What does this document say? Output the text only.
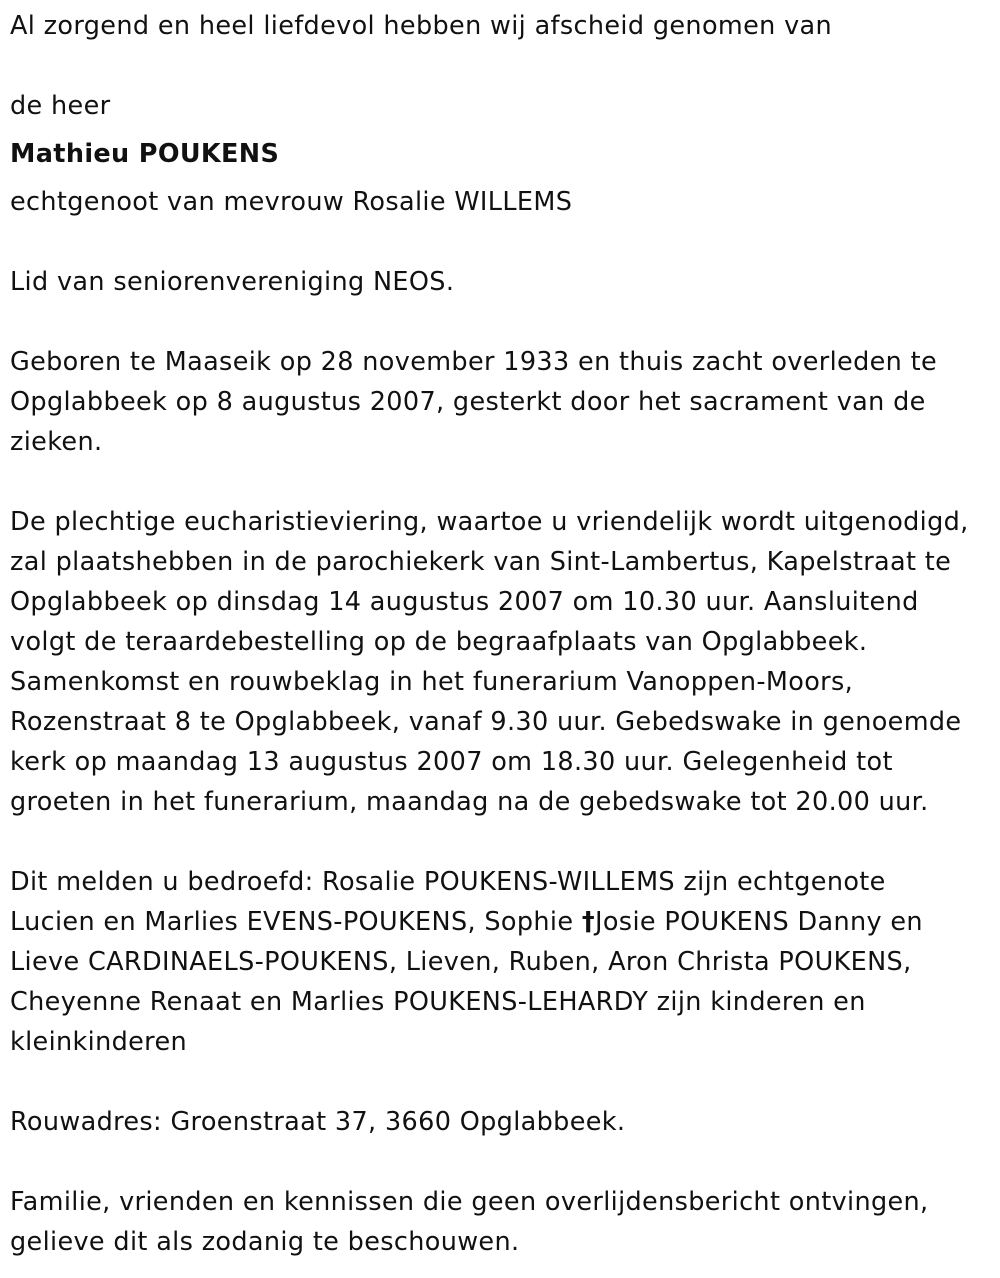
Al zorgend en heel liefdevol hebben wij afscheid genomen van

de heer

Mathieu POUKENS

echtgenoot van mevrouw Rosalie WILLEMS

Lid van seniorenvereniging NEOS.

Geboren te Maaseik op 28 november 1933 en thuis zacht overleden te

Opglabbeek op 8 augustus 2007, gesterkt door het sacrament van de

zieken.

De plechtige eucharistieviering, waartoe u vriendelijk wordt uitgenodigd,

zal plaatshebben in de parochiekerk van Sint-Lambertus, Kapelstraat te

Opglabbeek op dinsdag 14 augustus 2007 om 10.30 uur. Aansluitend

volgt de teraardebestelling op de begraafplaats van Opglabbeek.

Samenkomst en rouwbeklag in het funerarium Vanoppen-Moors,

Rozenstraat 8 te Opglabbeek, vanaf 9.30 uur. Gebedswake in genoemde

kerk op maandag 13 augustus 2007 om 18.30 uur. Gelegenheid tot

groeten in het funerarium, maandag na de gebedswake tot 20.00 uur.

Dit melden u bedroefd: Rosalie POUKENS-WILLEMS zijn echtgenote

Lucien en Marlies EVENS-POUKENS, Sophie †Josie POUKENS Danny en

Lieve CARDINAELS-POUKENS, Lieven, Ruben, Aron Christa POUKENS,

Cheyenne Renaat en Marlies POUKENS-LEHARDY zijn kinderen en

kleinkinderen

Rouwadres: Groenstraat 37, 3660 Opglabbeek.

Familie, vrienden en kennissen die geen overlijdensbericht ontvingen,

gelieve dit als zodanig te beschouwen.
